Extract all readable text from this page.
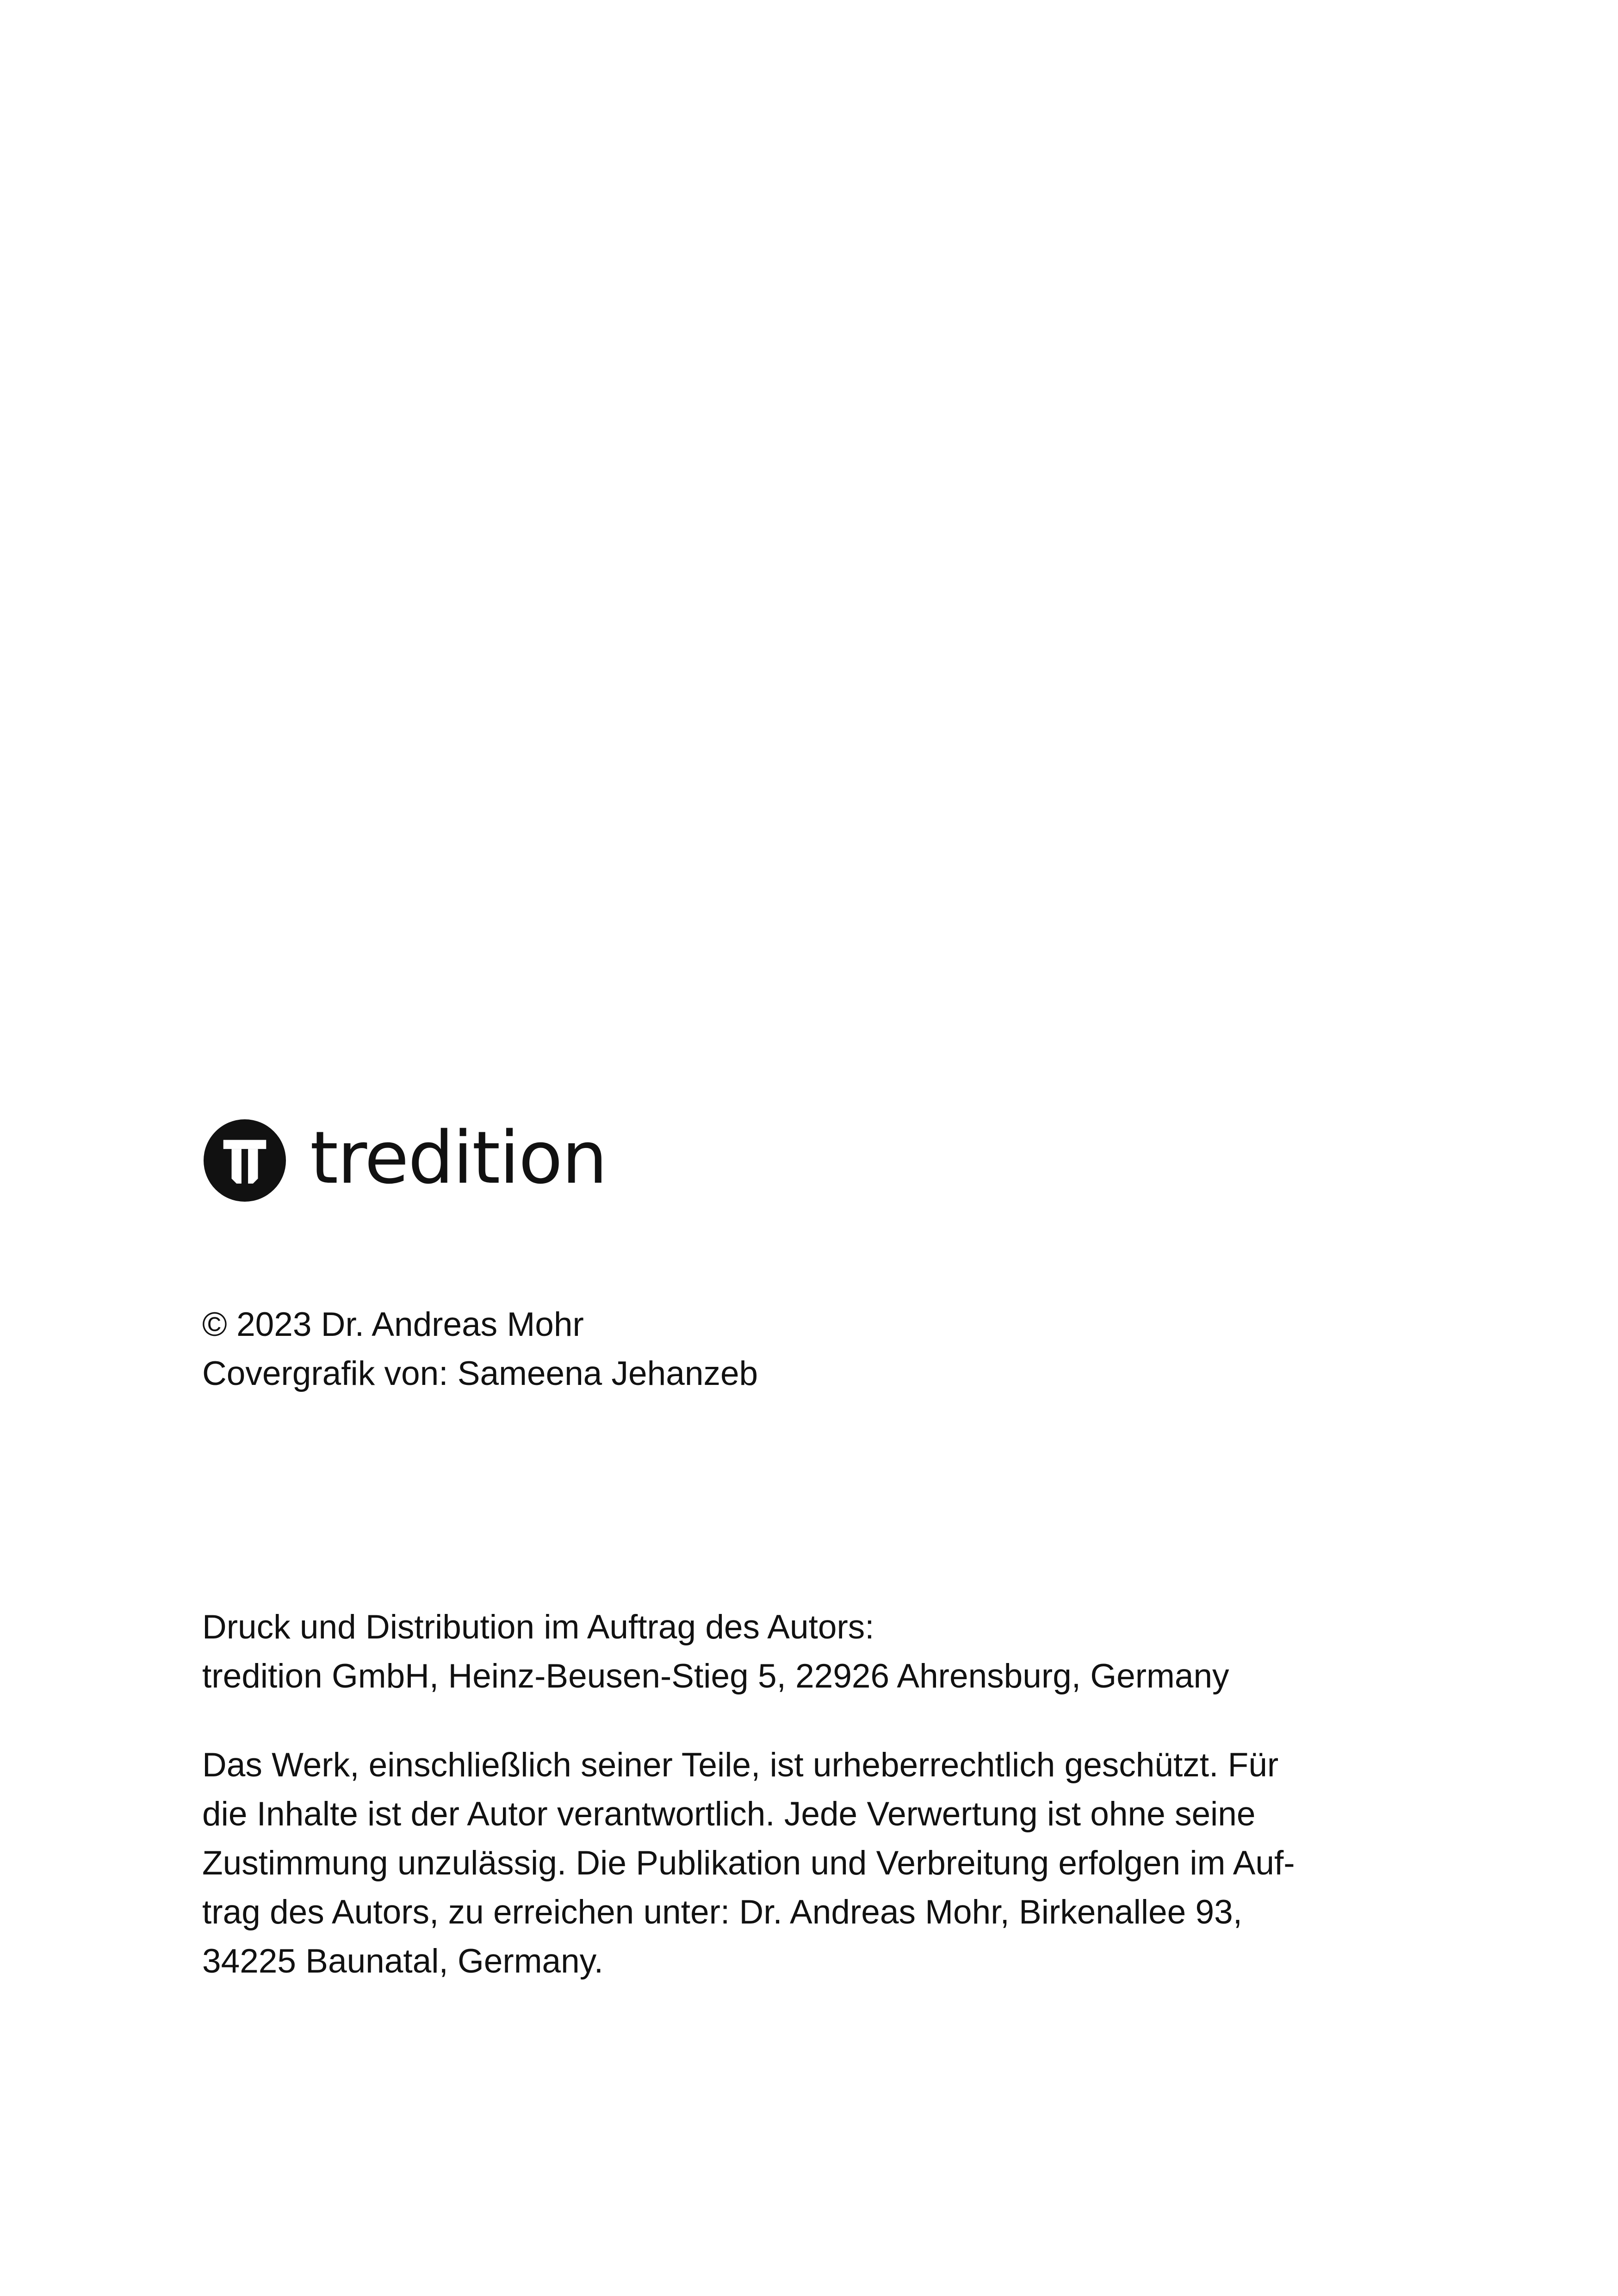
tredition
© 2023 Dr. Andreas Mohr
Covergrafik von: Sameena Jehanzeb
Druck und Distribution im Auftrag des Autors:
tredition GmbH, Heinz-Beusen-Stieg 5, 22926 Ahrensburg, Germany
Das Werk, einschließlich seiner Teile, ist urheberrechtlich geschützt. Für
die Inhalte ist der Autor verantwortlich. Jede Verwertung ist ohne seine
Zustimmung unzulässig. Die Publikation und Verbreitung erfolgen im Auf-
trag des Autors, zu erreichen unter: Dr. Andreas Mohr, Birkenallee 93,
34225 Baunatal, Germany.
